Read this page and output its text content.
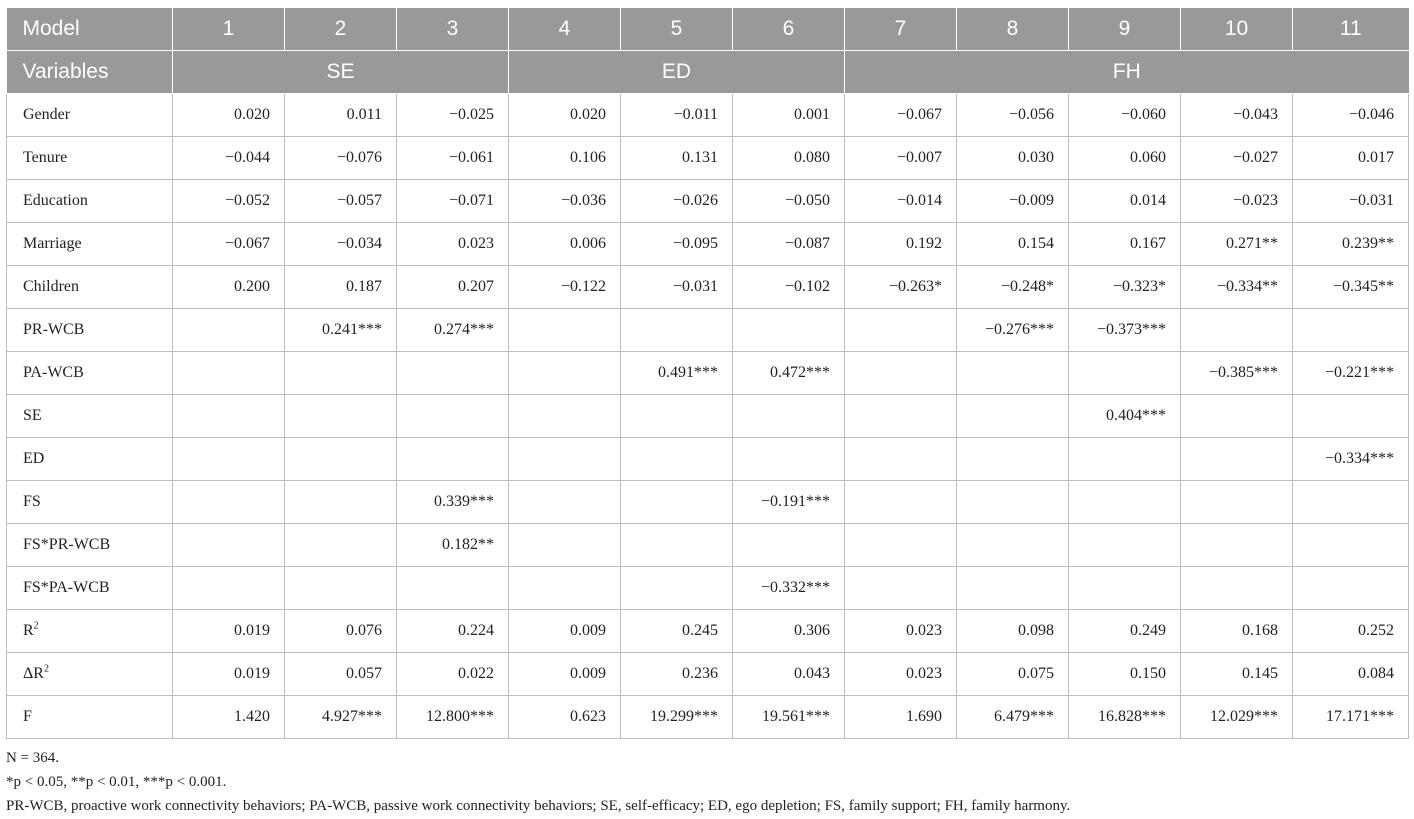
Model	1	2	3	4	5	6	7	8	9	10	11
Variables	SE			ED			FH				
Gender	0.020	0.011	−0.025	0.020	−0.011	0.001	−0.067	−0.056	−0.060	−0.043	−0.046
Tenure	−0.044	−0.076	−0.061	0.106	0.131	0.080	−0.007	0.030	0.060	−0.027	0.017
Education	−0.052	−0.057	−0.071	−0.036	−0.026	−0.050	−0.014	−0.009	0.014	−0.023	−0.031
Marriage	−0.067	−0.034	0.023	0.006	−0.095	−0.087	0.192	0.154	0.167	0.271**	0.239**
Children	0.200	0.187	0.207	−0.122	−0.031	−0.102	−0.263*	−0.248*	−0.323*	−0.334**	−0.345**
PR-WCB		0.241***	0.274***					−0.276***	−0.373***		
PA-WCB					0.491***	0.472***				−0.385***	−0.221***
SE									0.404***		
ED											−0.334***
FS			0.339***			−0.191***					
FS*PR-WCB			0.182**								
FS*PA-WCB						−0.332***					
$R^2$	0.019	0.076	0.224	0.009	0.245	0.306	0.023	0.098	0.249	0.168	0.252
$\Delta R^2$	0.019	0.057	0.022	0.009	0.236	0.043	0.023	0.075	0.150	0.145	0.084
F	1.420	4.927***	12.800***	0.623	19.299***	19.561***	1.690	6.479***	16.828***	12.029***	17.171***
N = 364.
*p < 0.05, **p < 0.01, ***p < 0.001.
PR-WCB, proactive work connectivity behaviors; PA-WCB, passive work connectivity behaviors; SE, self-efficacy; ED, ego depletion; FS, family support; FH, family harmony.
